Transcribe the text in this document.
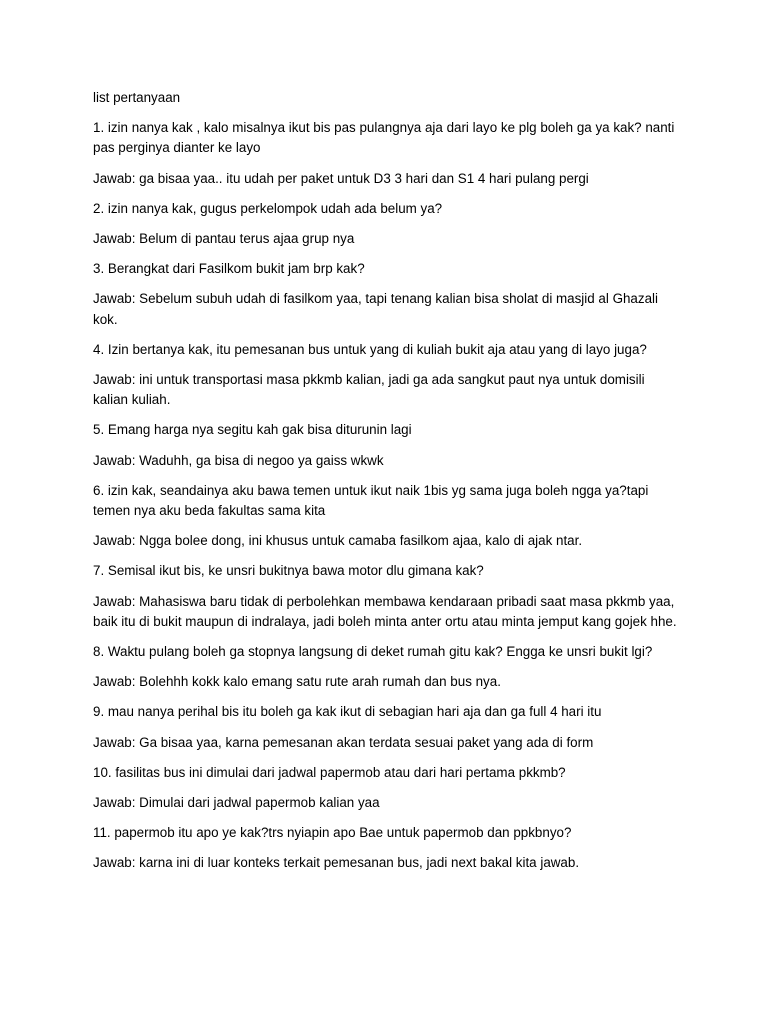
list pertanyaan

1. izin nanya kak , kalo misalnya ikut bis pas pulangnya aja dari layo ke plg boleh ga ya kak? nanti pas perginya dianter ke layo

Jawab: ga bisaa yaa.. itu udah per paket untuk D3 3 hari dan S1 4 hari pulang pergi

2. izin nanya kak, gugus perkelompok udah ada belum ya?

Jawab: Belum di pantau terus ajaa grup nya

3. Berangkat dari Fasilkom bukit jam brp kak?

Jawab: Sebelum subuh udah di fasilkom yaa, tapi tenang kalian bisa sholat di masjid al Ghazali kok.

4. Izin bertanya kak, itu pemesanan bus untuk yang di kuliah bukit aja atau yang di layo juga?

Jawab: ini untuk transportasi masa pkkmb kalian, jadi ga ada sangkut paut nya untuk domisili kalian kuliah.

5. Emang harga nya segitu kah gak bisa diturunin lagi

Jawab: Waduhh, ga bisa di negoo ya gaiss wkwk

6. izin kak, seandainya aku bawa temen untuk ikut naik 1bis yg sama juga boleh ngga ya?tapi temen nya aku beda fakultas sama kita

Jawab: Ngga bolee dong, ini khusus untuk camaba fasilkom ajaa, kalo di ajak ntar.

7. Semisal ikut bis, ke unsri bukitnya bawa motor dlu gimana kak?

Jawab: Mahasiswa baru tidak di perbolehkan membawa kendaraan pribadi saat masa pkkmb yaa, baik itu di bukit maupun di indralaya, jadi boleh minta anter ortu atau minta jemput kang gojek hhe.

8. Waktu pulang boleh ga stopnya langsung di deket rumah gitu kak? Engga ke unsri bukit lgi?

Jawab: Bolehhh kokk kalo emang satu rute arah rumah dan bus nya.

9. mau nanya perihal bis itu boleh ga kak ikut di sebagian hari aja dan ga full 4 hari itu

Jawab: Ga bisaa yaa, karna pemesanan akan terdata sesuai paket yang ada di form

10. fasilitas bus ini dimulai dari jadwal papermob atau dari hari pertama pkkmb?

Jawab: Dimulai dari jadwal papermob kalian yaa

11. papermob itu apo ye kak?trs nyiapin apo Bae untuk papermob dan ppkbnyo?

Jawab: karna ini di luar konteks terkait pemesanan bus, jadi next bakal kita jawab.
